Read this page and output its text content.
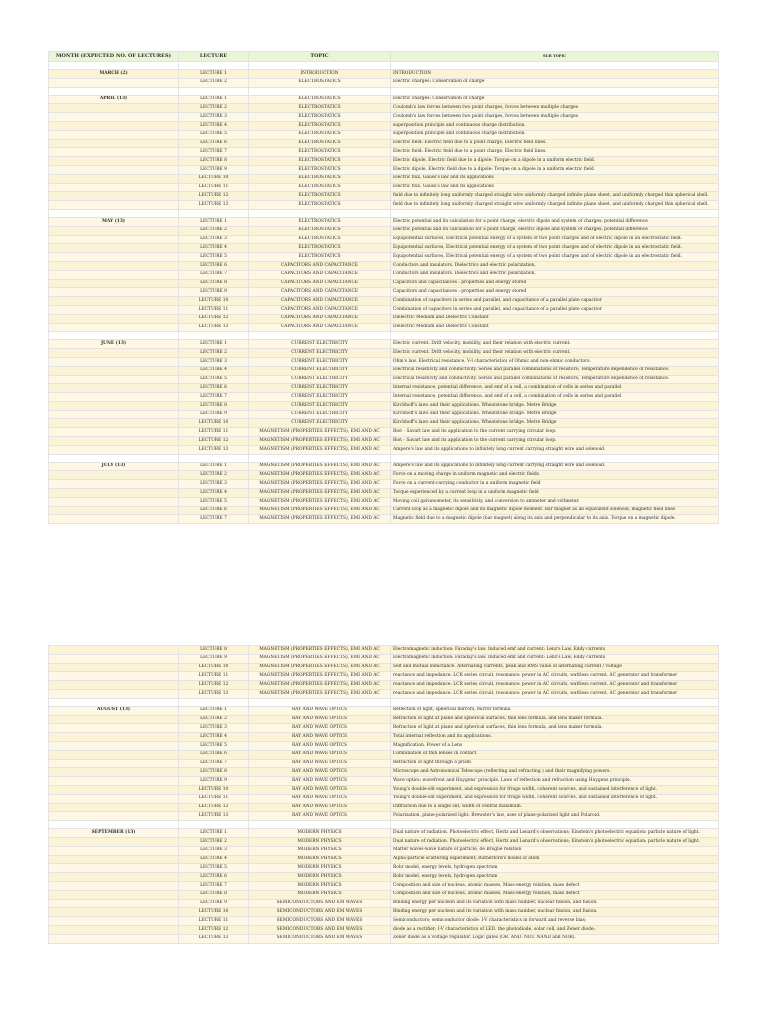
MONTH (EXPECTED NO. OF LECTURES)	LECTURE	TOPIC	SUB TOPIC

MARCH (2)	LECTURE 1	INTRODUCTION	INTRODUCTION
	LECTURE 2	ELECTROSTATICS	Electric charges: Conservation of charge

APRIL (13)	LECTURE 1	ELECTROSTATICS	Electric charges: Conservation of charge
	LECTURE 2	ELECTROSTATICS	Coulomb's law forces between two point charges, forces between multiple charges
	LECTURE 3	ELECTROSTATICS	Coulomb's law forces between two point charges, forces between multiple charges
	LECTURE 4	ELECTROSTATICS	superposition principle and continuous charge distribution.
	LECTURE 5	ELECTROSTATICS	superposition principle and continuous charge distribution.
	LECTURE 6	ELECTROSTATICS	Electric field: Electric field due to a point charge, Electric field lines.
	LECTURE 7	ELECTROSTATICS	Electric field: Electric field due to a point charge, Electric field lines.
	LECTURE 8	ELECTROSTATICS	Electric dipole, Electric field due to a dipole: Torque on a dipole in a uniform electric field.
	LECTURE 9	ELECTROSTATICS	Electric dipole, Electric field due to a dipole: Torque on a dipole in a uniform electric field.
	LECTURE 10	ELECTROSTATICS	Electric flux, Gauss's law and its applications
	LECTURE 11	ELECTROSTATICS	Electric flux, Gauss's law and its applications
	LECTURE 12	ELECTROSTATICS	field due to infinitely long uniformly charged straight wire uniformly charged infinite plane sheet, and uniformly charged thin spherical shell.
	LECTURE 13	ELECTROSTATICS	field due to infinitely long uniformly charged straight wire uniformly charged infinite plane sheet, and uniformly charged thin spherical shell.

MAY (13)	LECTURE 1	ELECTROSTATICS	Electric potential and its calculation for a point charge, electric dipole and system of charges; potential difference
	LECTURE 2	ELECTROSTATICS	Electric potential and its calculation for a point charge, electric dipole and system of charges; potential difference
	LECTURE 3	ELECTROSTATICS	Equipotential surfaces, Electrical potential energy of a system of two point charges and of electric dipole in an electrostatic field.
	LECTURE 4	ELECTROSTATICS	Equipotential surfaces, Electrical potential energy of a system of two point charges and of electric dipole in an electrostatic field.
	LECTURE 5	ELECTROSTATICS	Equipotential surfaces, Electrical potential energy of a system of two point charges and of electric dipole in an electrostatic field.
	LECTURE 6	CAPACITORS AND CAPACITANCE	Conductors and insulators. Dielectrics and electric polarization,
	LECTURE 7	CAPACITORS AND CAPACITANCE	Conductors and insulators. Dielectrics and electric polarization,
	LECTURE 8	CAPACITORS AND CAPACITANCE	Capacitors and capacitances : properties and energy stored
	LECTURE 9	CAPACITORS AND CAPACITANCE	Capacitors and capacitances : properties and energy stored
	LECTURE 10	CAPACITORS AND CAPACITANCE	Combination of capacitors in series and parallel, and capacitance of a parallel plate capacitor
	LECTURE 11	CAPACITORS AND CAPACITANCE	Combination of capacitors in series and parallel, and capacitance of a parallel plate capacitor
	LECTURE 12	CAPACITORS AND CAPACITANCE	Dielectric Medium and Dielectric Constant
	LECTURE 13	CAPACITORS AND CAPACITANCE	Dielectric Medium and Dielectric Constant

JUNE (13)	LECTURE 1	CURRENT ELECTRICITY	Electric current. Drift velocity, mobility, and their relation with electric current.
	LECTURE 2	CURRENT ELECTRICITY	Electric current. Drift velocity, mobility, and their relation with electric current.
	LECTURE 3	CURRENT ELECTRICITY	Ohm's law. Electrical resistance. V-I characteristics of Ohmic and non-ohmic conductors.
	LECTURE 4	CURRENT ELECTRICITY	Electrical resistivity and conductivity. Series and parallel combinations of resistors; Temperature dependence of resistance.
	LECTURE 5	CURRENT ELECTRICITY	Electrical resistivity and conductivity. Series and parallel combinations of resistors; Temperature dependence of resistance.
	LECTURE 6	CURRENT ELECTRICITY	Internal resistance, potential difference, and emf of a cell, a combination of cells in series and parallel
	LECTURE 7	CURRENT ELECTRICITY	Internal resistance, potential difference, and emf of a cell, a combination of cells in series and parallel
	LECTURE 8	CURRENT ELECTRICITY	Kirchhoff's laws and their applications. Wheatstone bridge. Metre Bridge
	LECTURE 9	CURRENT ELECTRICITY	Kirchhoff's laws and their applications. Wheatstone bridge. Metre Bridge
	LECTURE 10	CURRENT ELECTRICITY	Kirchhoff's laws and their applications. Wheatstone bridge. Metre Bridge
	LECTURE 11	MAGNETISM (PROPERTIES EFFECTS), EMI AND AC	Biot - Savart law and its application to the current carrying circular loop.
	LECTURE 12	MAGNETISM (PROPERTIES EFFECTS), EMI AND AC	Biot - Savart law and its application to the current carrying circular loop.
	LECTURE 13	MAGNETISM (PROPERTIES EFFECTS), EMI AND AC	Ampere's law and its applications to infinitely long current carrying straight wire and solenoid.

JULY (13)	LECTURE 1	MAGNETISM (PROPERTIES EFFECTS), EMI AND AC	Ampere's law and its applications to infinitely long current carrying straight wire and solenoid.
	LECTURE 2	MAGNETISM (PROPERTIES EFFECTS), EMI AND AC	Force on a moving charge in uniform magnetic and electric fields
	LECTURE 3	MAGNETISM (PROPERTIES EFFECTS), EMI AND AC	Force on a current-carrying conductor in a uniform magnetic field
	LECTURE 4	MAGNETISM (PROPERTIES EFFECTS), EMI AND AC	Torque experienced by a current loop in a uniform magnetic field
	LECTURE 5	MAGNETISM (PROPERTIES EFFECTS), EMI AND AC	Moving coil galvanometer, its sensitivity, and conversion to ammeter and voltmeter.
	LECTURE 6	MAGNETISM (PROPERTIES EFFECTS), EMI AND AC	Current loop as a magnetic dipole and its magnetic dipole moment. Bar magnet as an equivalent solenoid, magnetic field lines
	LECTURE 7	MAGNETISM (PROPERTIES EFFECTS), EMI AND AC	Magnetic field due to a magnetic dipole (bar magnet) along its axis and perpendicular to its axis. Torque on a magnetic dipole.
	LECTURE 8	MAGNETISM (PROPERTIES EFFECTS), EMI AND AC	Electromagnetic induction: Faraday's law. Induced emf and current: Lenz's Law, Eddy currents
	LECTURE 9	MAGNETISM (PROPERTIES EFFECTS), EMI AND AC	Electromagnetic induction: Faraday's law. Induced emf and current: Lenz's Law, Eddy currents
	LECTURE 10	MAGNETISM (PROPERTIES EFFECTS), EMI AND AC	Self and mutual inductance. Alternating currents, peak and RMS value of alternating current / voltage
	LECTURE 11	MAGNETISM (PROPERTIES EFFECTS), EMI AND AC	reactance and impedance: LCR series circuit, resonance: power in AC circuits, wattless current. AC generator and transformer
	LECTURE 12	MAGNETISM (PROPERTIES EFFECTS), EMI AND AC	reactance and impedance: LCR series circuit, resonance: power in AC circuits, wattless current. AC generator and transformer
	LECTURE 13	MAGNETISM (PROPERTIES EFFECTS), EMI AND AC	reactance and impedance: LCR series circuit, resonance: power in AC circuits, wattless current. AC generator and transformer

AUGUST (13)	LECTURE 1	RAY AND WAVE OPTICS	Reflection of light, spherical mirrors, mirror formula
	LECTURE 2	RAY AND WAVE OPTICS	Refraction of light at plane and spherical surfaces, thin lens formula, and lens maker formula.
	LECTURE 3	RAY AND WAVE OPTICS	Refraction of light at plane and spherical surfaces, thin lens formula, and lens maker formula.
	LECTURE 4	RAY AND WAVE OPTICS	Total internal reflection and its applications.
	LECTURE 5	RAY AND WAVE OPTICS	Magnification. Power of a Lens
	LECTURE 6	RAY AND WAVE OPTICS	Combination of thin lenses in contact.
	LECTURE 7	RAY AND WAVE OPTICS	Refraction of light through a prism
	LECTURE 8	RAY AND WAVE OPTICS	Microscope and Astronomical Telescope (reflecting and refracting ) and their magnifying powers.
	LECTURE 9	RAY AND WAVE OPTICS	Wave optics: wavefront and Huygens' principle. Laws of reflection and refraction using Huygens principle.
	LECTURE 10	RAY AND WAVE OPTICS	Young's double-slit experiment, and expression for fringe width, coherent sources, and sustained interference of light.
	LECTURE 11	RAY AND WAVE OPTICS	Young's double-slit experiment, and expression for fringe width, coherent sources, and sustained interference of light.
	LECTURE 12	RAY AND WAVE OPTICS	Diffraction due to a single slit, width of central maximum.
	LECTURE 13	RAY AND WAVE OPTICS	Polarization, plane-polarized light: Brewster's law, uses of plane-polarized light and Polaroid.

SEPTEMBER (13)	LECTURE 1	MODERN PHYSICS	Dual nature of radiation. Photoelectric effect, Hertz and Lenard's observations; Einstein's photoelectric equation: particle nature of light.
	LECTURE 2	MODERN PHYSICS	Dual nature of radiation. Photoelectric effect, Hertz and Lenard's observations; Einstein's photoelectric equation: particle nature of light.
	LECTURE 3	MODERN PHYSICS	Matter waves-wave nature of particle, de Broglie relation
	LECTURE 4	MODERN PHYSICS	Alpha-particle scattering experiment; Rutherford's model of atom
	LECTURE 5	MODERN PHYSICS	Bohr model, energy levels, hydrogen spectrum
	LECTURE 6	MODERN PHYSICS	Bohr model, energy levels, hydrogen spectrum
	LECTURE 7	MODERN PHYSICS	Composition and size of nucleus, atomic masses, Mass-energy relation, mass defect
	LECTURE 8	MODERN PHYSICS	Composition and size of nucleus, atomic masses, Mass-energy relation, mass defect
	LECTURE 9	SEMICONDUCTORS AND EM WAVES	Binding energy per nucleon and its variation with mass number, nuclear fission, and fusion.
	LECTURE 10	SEMICONDUCTORS AND EM WAVES	Binding energy per nucleon and its variation with mass number, nuclear fission, and fusion.
	LECTURE 11	SEMICONDUCTORS AND EM WAVES	Semiconductors; semiconductor diode: I-V characteristics in forward and reverse bias;
	LECTURE 12	SEMICONDUCTORS AND EM WAVES	diode as a rectifier; I-V characteristics of LED. the photodiode, solar cell, and Zener diode;
	LECTURE 13	SEMICONDUCTORS AND EM WAVES	Zener diode as a voltage regulator. Logic gates (OR. AND. NOT. NAND and NOR).
